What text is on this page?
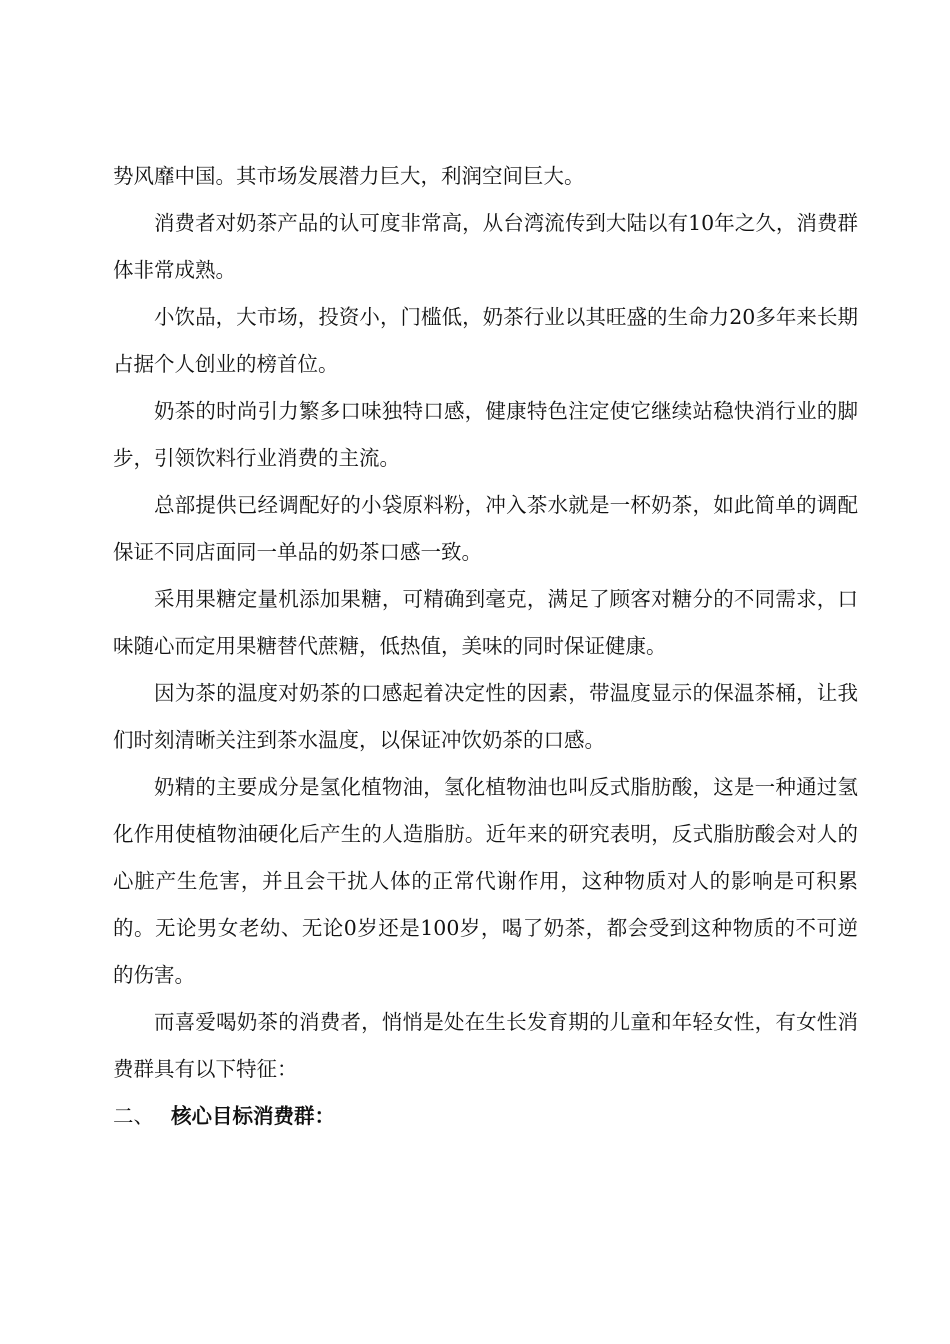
势风靡中国。其市场发展潜力巨大，利润空间巨大。

消费者对奶茶产品的认可度非常高，从台湾流传到大陆以有10年之久，消费群体非常成熟。

小饮品，大市场，投资小，门槛低，奶茶行业以其旺盛的生命力20多年来长期占据个人创业的榜首位。

奶茶的时尚引力繁多口味独特口感，健康特色注定使它继续站稳快消行业的脚步，引领饮料行业消费的主流。

总部提供已经调配好的小袋原料粉，冲入茶水就是一杯奶茶，如此简单的调配保证不同店面同一单品的奶茶口感一致。

采用果糖定量机添加果糖，可精确到毫克，满足了顾客对糖分的不同需求，口味随心而定用果糖替代蔗糖，低热值，美味的同时保证健康。

因为茶的温度对奶茶的口感起着决定性的因素，带温度显示的保温茶桶，让我们时刻清晰关注到茶水温度，以保证冲饮奶茶的口感。

奶精的主要成分是氢化植物油，氢化植物油也叫反式脂肪酸，这是一种通过氢化作用使植物油硬化后产生的人造脂肪。近年来的研究表明，反式脂肪酸会对人的心脏产生危害，并且会干扰人体的正常代谢作用，这种物质对人的影响是可积累的。无论男女老幼、无论0岁还是100岁，喝了奶茶，都会受到这种物质的不可逆的伤害。

而喜爱喝奶茶的消费者，悄悄是处在生长发育期的儿童和年轻女性，有女性消费群具有以下特征：

二、 核心目标消费群：
